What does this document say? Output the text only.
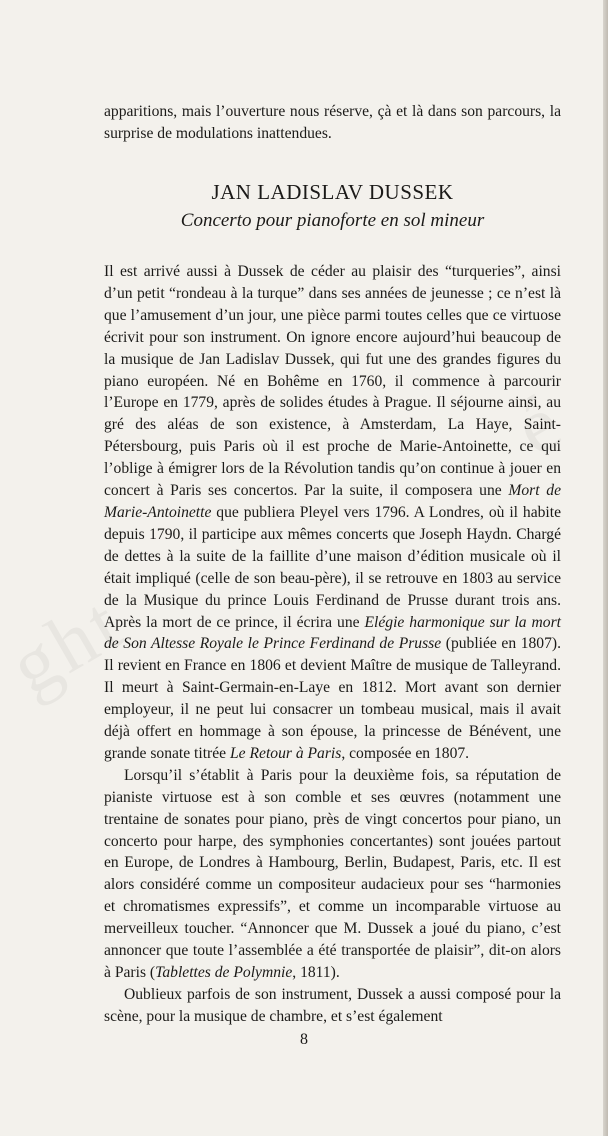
apparitions, mais l’ouverture nous réserve, çà et là dans son parcours, la surprise de modulations inattendues.

JAN LADISLAV DUSSEK
Concerto pour pianoforte en sol mineur

Il est arrivé aussi à Dussek de céder au plaisir des “turqueries”, ainsi d’un petit “rondeau à la turque” dans ses années de jeunesse ; ce n’est là que l’amusement d’un jour, une pièce parmi toutes celles que ce virtuose écrivit pour son instrument. On ignore encore aujourd’hui beaucoup de la musique de Jan Ladislav Dussek, qui fut une des grandes figures du piano européen. Né en Bohême en 1760, il commence à parcourir l’Europe en 1779, après de solides études à Prague. Il séjourne ainsi, au gré des aléas de son existence, à Amsterdam, La Haye, Saint-Pétersbourg, puis Paris où il est proche de Marie-Antoinette, ce qui l’oblige à émigrer lors de la Révolution tandis qu’on continue à jouer en concert à Paris ses concertos. Par la suite, il composera une Mort de Marie-Antoinette que publiera Pleyel vers 1796. A Londres, où il habite depuis 1790, il participe aux mêmes concerts que Joseph Haydn. Chargé de dettes à la suite de la faillite d’une maison d’édition musicale où il était impliqué (celle de son beau-père), il se retrouve en 1803 au service de la Musique du prince Louis Ferdinand de Prusse durant trois ans. Après la mort de ce prince, il écrira une Elégie harmonique sur la mort de Son Altesse Royale le Prince Ferdinand de Prusse (publiée en 1807). Il revient en France en 1806 et devient Maître de musique de Talleyrand. Il meurt à Saint-Germain-en-Laye en 1812. Mort avant son dernier employeur, il ne peut lui consacrer un tombeau musical, mais il avait déjà offert en hommage à son épouse, la princesse de Bénévent, une grande sonate titrée Le Retour à Paris, composée en 1807.

Lorsqu’il s’établit à Paris pour la deuxième fois, sa réputation de pianiste virtuose est à son comble et ses œuvres (notamment une trentaine de sonates pour piano, près de vingt concertos pour piano, un concerto pour harpe, des symphonies concertantes) sont jouées partout en Europe, de Londres à Hambourg, Berlin, Budapest, Paris, etc. Il est alors considéré comme un compositeur audacieux pour ses “harmonies et chromatismes expressifs”, et comme un incomparable virtuose au merveilleux toucher. “Annoncer que M. Dussek a joué du piano, c’est annoncer que toute l’assemblée a été transportée de plaisir”, dit-on alors à Paris (Tablettes de Polymnie, 1811).

Oublieux parfois de son instrument, Dussek a aussi composé pour la scène, pour la musique de chambre, et s’est également

8
